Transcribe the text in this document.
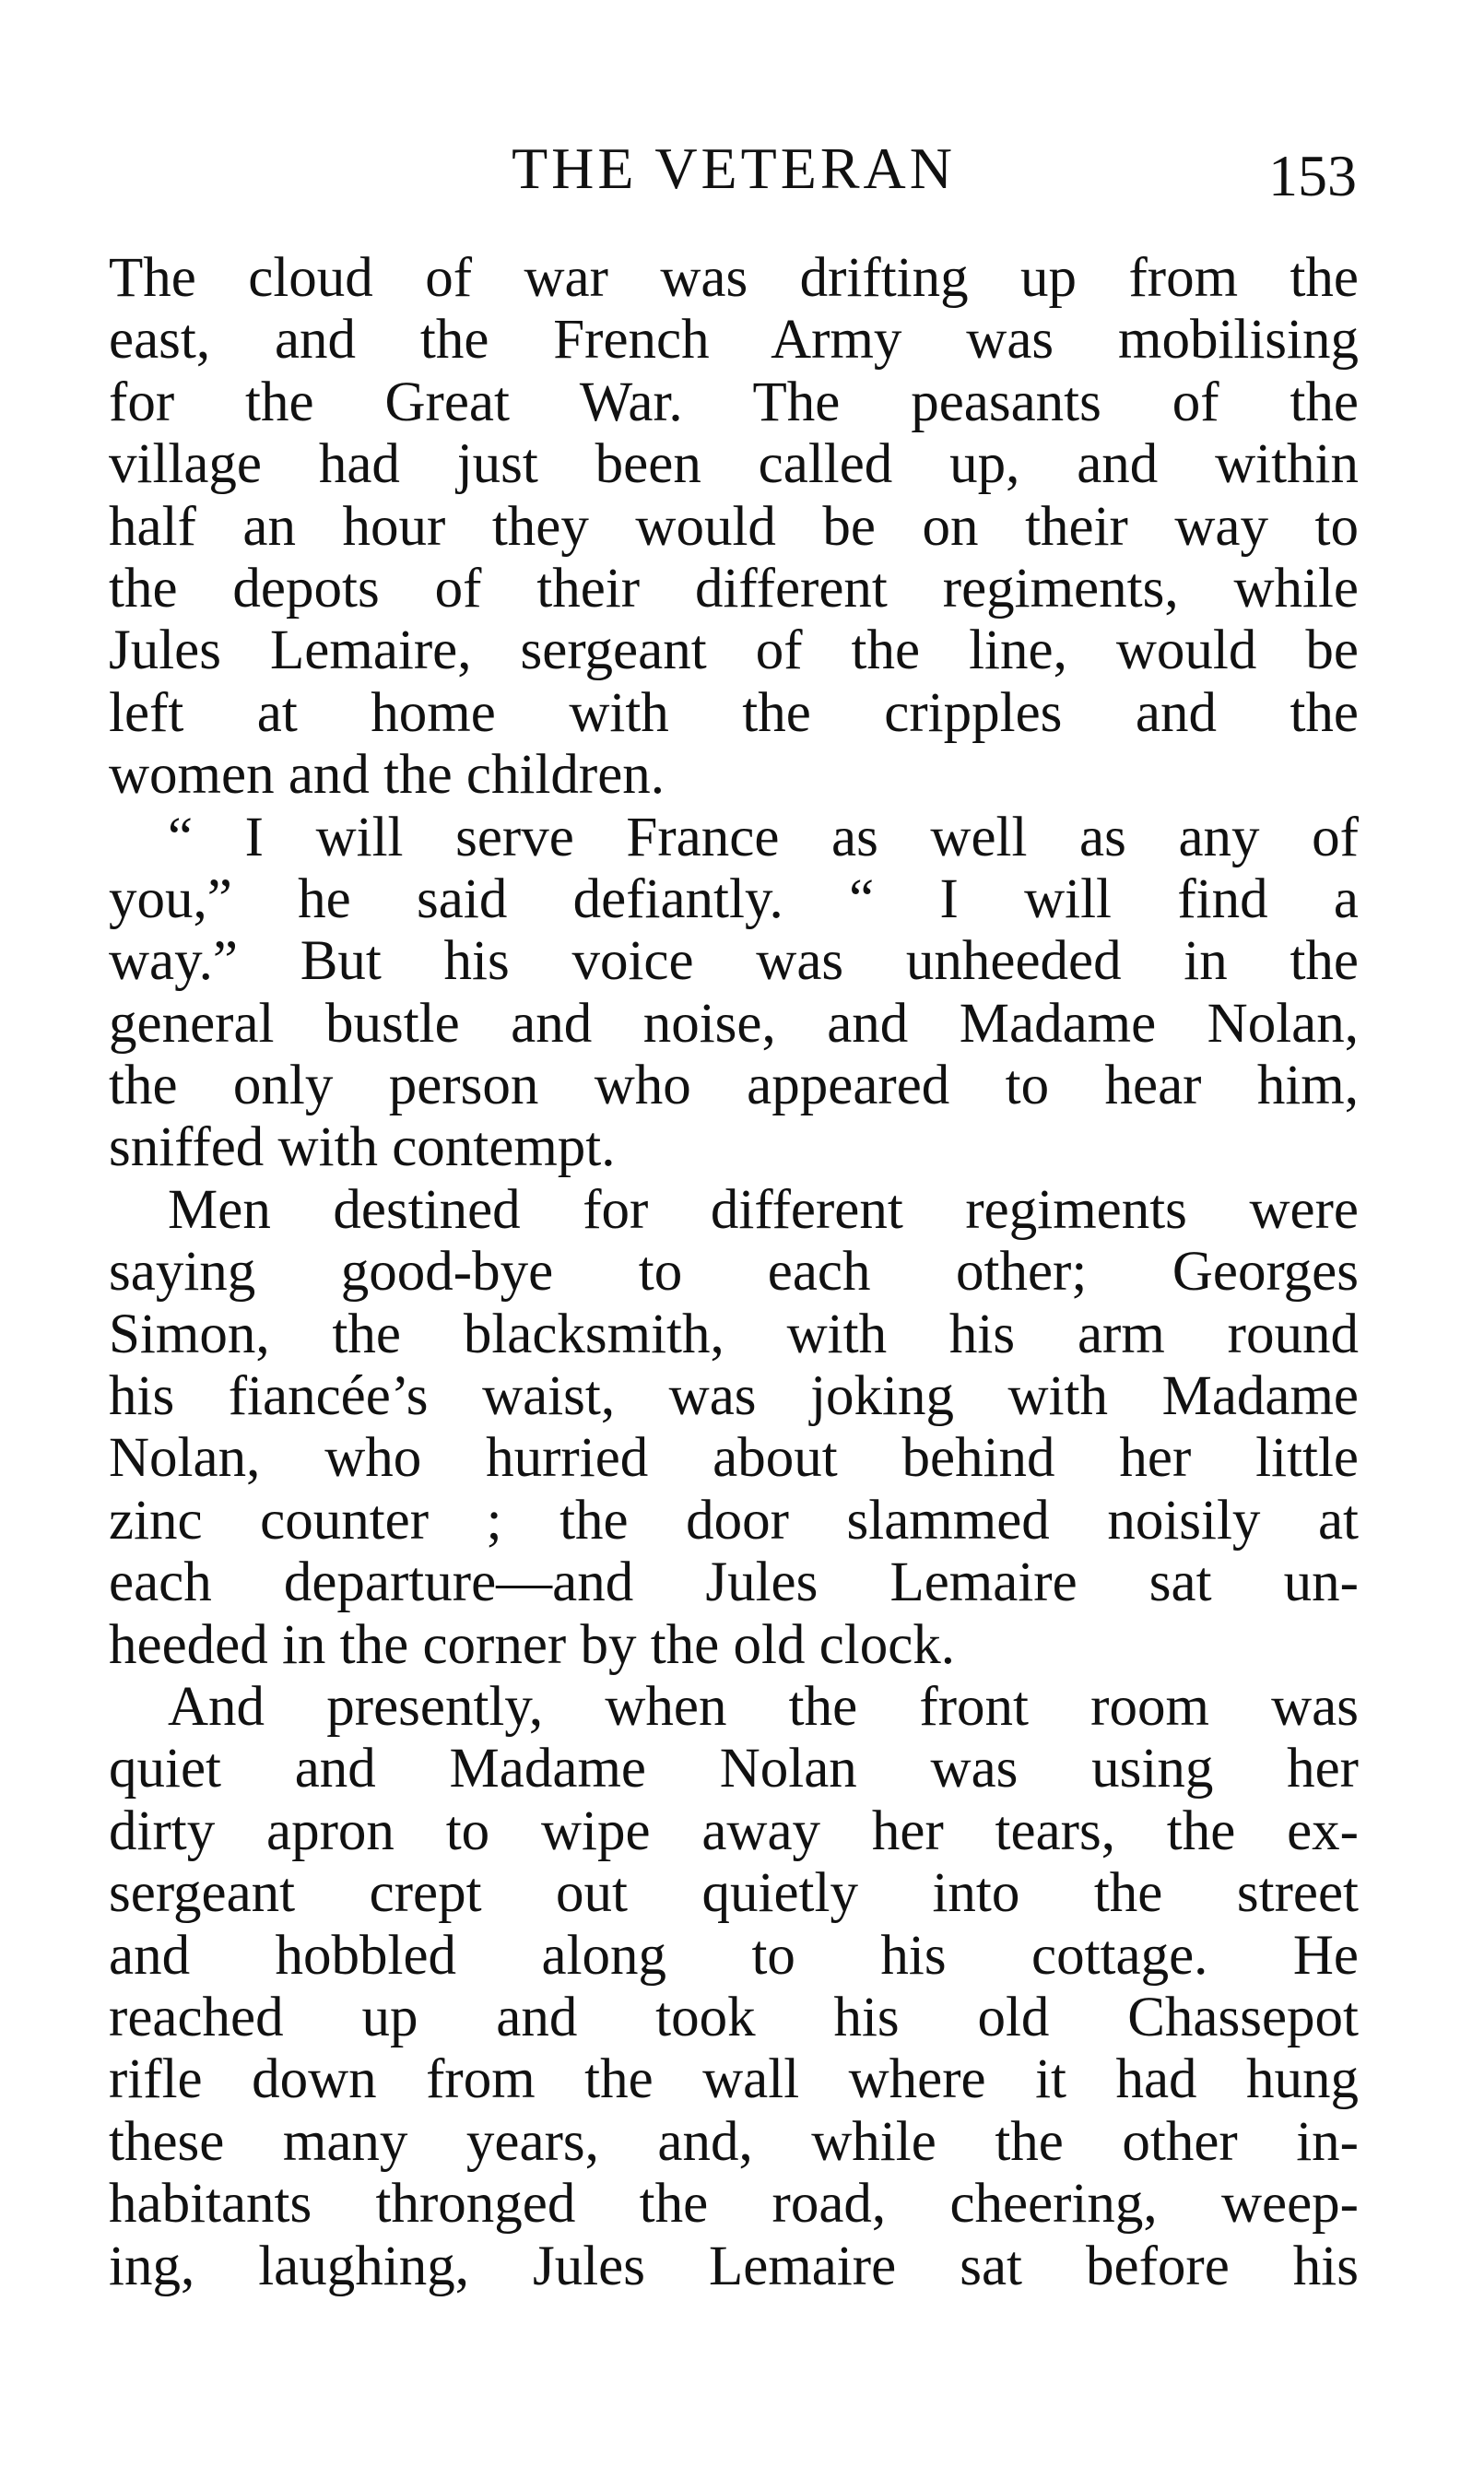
THE VETERAN	153
The cloud of war was drifting up from the
east, and the French Army was mobilising
for the Great War. The peasants of the
village had just been called up, and within
half an hour they would be on their way to
the depots of their different regiments, while
Jules Lemaire, sergeant of the line, would be
left at home with the cripples and the
women and the children.
“ I will serve France as well as any of
you,” he said defiantly. “ I will find a
way.” But his voice was unheeded in the
general bustle and noise, and Madame Nolan,
the only person who appeared to hear him,
sniffed with contempt.
Men destined for different regiments were
saying good-bye to each other; Georges
Simon, the blacksmith, with his arm round
his fiancée’s waist, was joking with Madame
Nolan, who hurried about behind her little
zinc counter ; the door slammed noisily at
each departure—and Jules Lemaire sat un-
heeded in the corner by the old clock.
And presently, when the front room was
quiet and Madame Nolan was using her
dirty apron to wipe away her tears, the ex-
sergeant crept out quietly into the street
and hobbled along to his cottage. He
reached up and took his old Chassepot
rifle down from the wall where it had hung
these many years, and, while the other in-
habitants thronged the road, cheering, weep-
ing, laughing, Jules Lemaire sat before his
